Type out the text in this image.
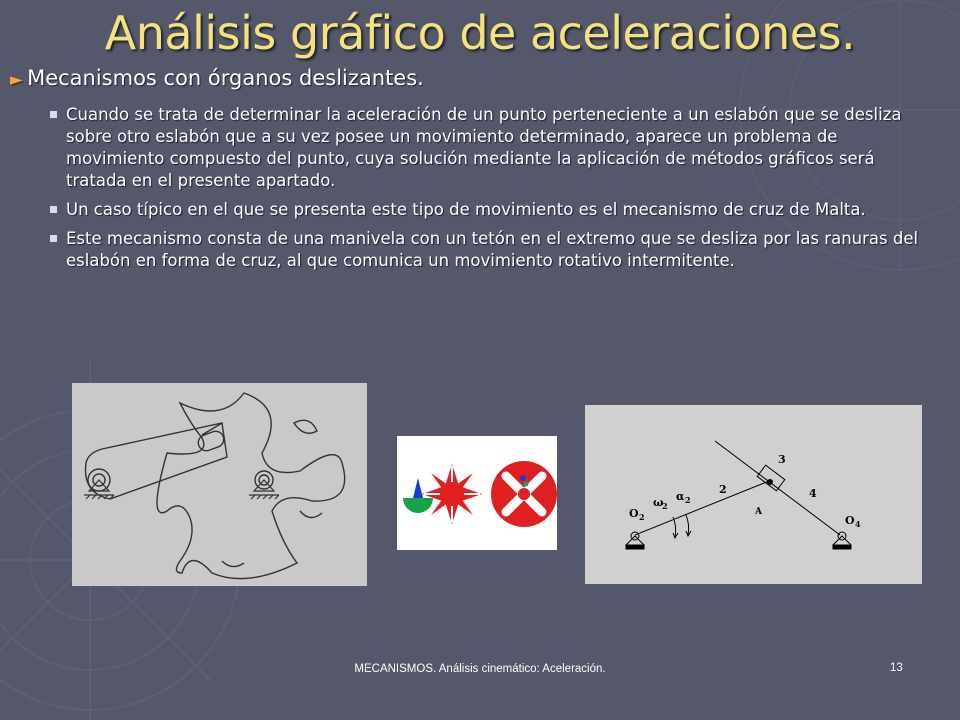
Análisis gráfico de aceleraciones.
► Mecanismos con órganos deslizantes.
Cuando se trata de determinar la aceleración de un punto perteneciente a un eslabón que se desliza sobre otro eslabón que a su vez posee un movimiento determinado, aparece un problema de movimiento compuesto del punto, cuya solución mediante la aplicación de métodos gráficos será tratada en el presente apartado.
Un caso típico en el que se presenta este tipo de movimiento es el mecanismo de cruz de Malta.
Este mecanismo consta de una manivela con un tetón en el extremo que se desliza por las ranuras del eslabón en forma de cruz, al que comunica un movimiento rotativo intermitente.
O 2
ω
2
α 2
2
3
4
A
O 4
MECANISMOS. Análisis cinemático: Aceleración.	13
